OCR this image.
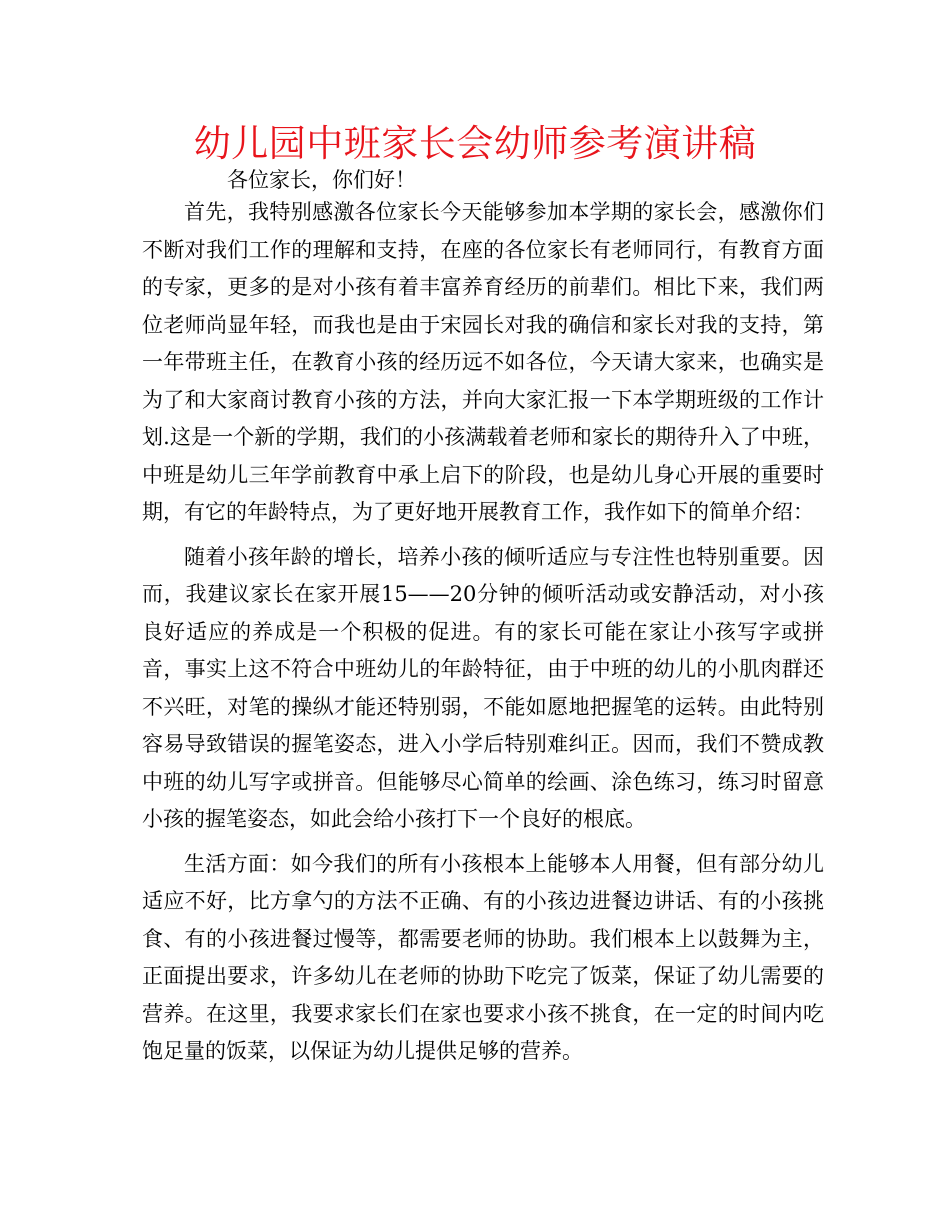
幼儿园中班家长会幼师参考演讲稿

各位家长，你们好！

首先，我特别感激各位家长今天能够参加本学期的家长会，感激你们不断对我们工作的理解和支持，在座的各位家长有老师同行，有教育方面的专家，更多的是对小孩有着丰富养育经历的前辈们。相比下来，我们两位老师尚显年轻，而我也是由于宋园长对我的确信和家长对我的支持，第一年带班主任，在教育小孩的经历远不如各位，今天请大家来，也确实是为了和大家商讨教育小孩的方法，并向大家汇报一下本学期班级的工作计划.这是一个新的学期，我们的小孩满载着老师和家长的期待升入了中班，中班是幼儿三年学前教育中承上启下的阶段，也是幼儿身心开展的重要时期，有它的年龄特点，为了更好地开展教育工作，我作如下的简单介绍：

随着小孩年龄的增长，培养小孩的倾听适应与专注性也特别重要。因而，我建议家长在家开展15——20分钟的倾听活动或安静活动，对小孩良好适应的养成是一个积极的促进。有的家长可能在家让小孩写字或拼音，事实上这不符合中班幼儿的年龄特征，由于中班的幼儿的小肌肉群还不兴旺，对笔的操纵才能还特别弱，不能如愿地把握笔的运转。由此特别容易导致错误的握笔姿态，进入小学后特别难纠正。因而，我们不赞成教中班的幼儿写字或拼音。但能够尽心简单的绘画、涂色练习，练习时留意小孩的握笔姿态，如此会给小孩打下一个良好的根底。

生活方面：如今我们的所有小孩根本上能够本人用餐，但有部分幼儿适应不好，比方拿勺的方法不正确、有的小孩边进餐边讲话、有的小孩挑食、有的小孩进餐过慢等，都需要老师的协助。我们根本上以鼓舞为主，正面提出要求，许多幼儿在老师的协助下吃完了饭菜，保证了幼儿需要的营养。在这里，我要求家长们在家也要求小孩不挑食，在一定的时间内吃饱足量的饭菜，以保证为幼儿提供足够的营养。
